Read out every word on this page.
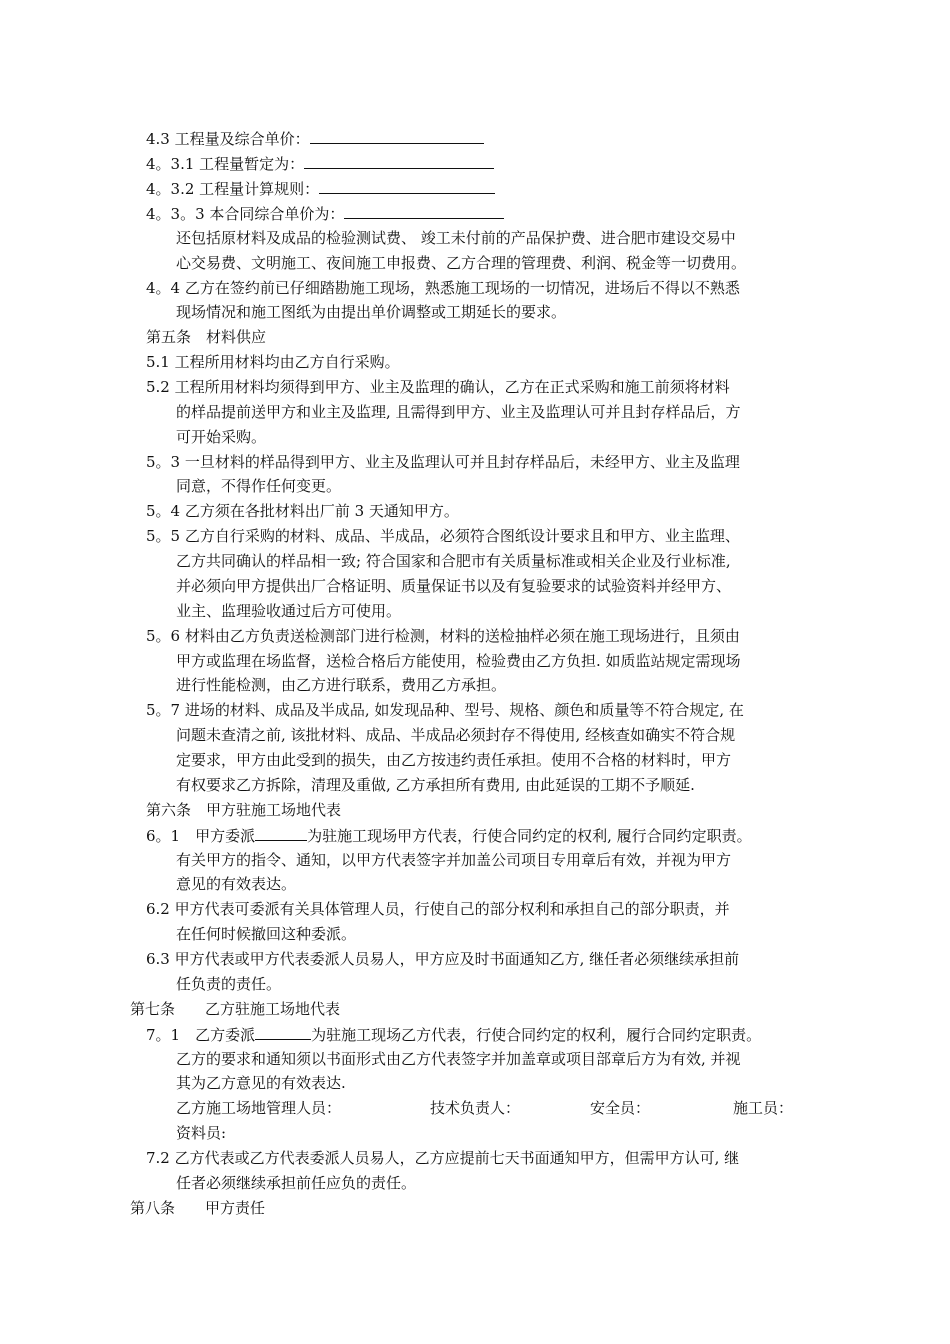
4.3 工程量及综合单价：
4。3.1 工程量暂定为：
4。3.2 工程量计算规则：
4。3。3 本合同综合单价为：
还包括原材料及成品的检验测试费、 竣工未付前的产品保护费、进合肥市建设交易中
心交易费、文明施工、夜间施工申报费、乙方合理的管理费、利润、税金等一切费用。
4。4 乙方在签约前已仔细踏勘施工现场，熟悉施工现场的一切情况，进场后不得以不熟悉
现场情况和施工图纸为由提出单价调整或工期延长的要求。
第五条　材料供应
5.1 工程所用材料均由乙方自行采购。
5.2 工程所用材料均须得到甲方、业主及监理的确认，乙方在正式采购和施工前须将材料
的样品提前送甲方和业主及监理, 且需得到甲方、业主及监理认可并且封存样品后，方
可开始采购。
5。3 一旦材料的样品得到甲方、业主及监理认可并且封存样品后，未经甲方、业主及监理
同意，不得作任何变更。
5。4 乙方须在各批材料出厂前 3 天通知甲方。
5。5 乙方自行采购的材料、成品、半成品，必须符合图纸设计要求且和甲方、业主监理、
乙方共同确认的样品相一致; 符合国家和合肥市有关质量标准或相关企业及行业标准,
并必须向甲方提供出厂合格证明、质量保证书以及有复验要求的试验资料并经甲方、
业主、监理验收通过后方可使用。
5。6 材料由乙方负责送检测部门进行检测，材料的送检抽样必须在施工现场进行，且须由
甲方或监理在场监督，送检合格后方能使用，检验费由乙方负担. 如质监站规定需现场
进行性能检测，由乙方进行联系，费用乙方承担。
5。7 进场的材料、成品及半成品, 如发现品种、型号、规格、颜色和质量等不符合规定, 在
问题未查清之前, 该批材料、成品、半成品必须封存不得使用, 经核查如确实不符合规
定要求，甲方由此受到的损失，由乙方按违约责任承担。使用不合格的材料时，甲方
有权要求乙方拆除，清理及重做, 乙方承担所有费用, 由此延误的工期不予顺延.
第六条　甲方驻施工场地代表
6。1　甲方委派	为驻施工现场甲方代表，行使合同约定的权利, 履行合同约定职责。
有关甲方的指令、通知，以甲方代表签字并加盖公司项目专用章后有效，并视为甲方
意见的有效表达。
6.2 甲方代表可委派有关具体管理人员，行使自己的部分权利和承担自己的部分职责，并
在任何时候撤回这种委派。
6.3 甲方代表或甲方代表委派人员易人，甲方应及时书面通知乙方, 继任者必须继续承担前
任负责的责任。
第七条　　乙方驻施工场地代表
7。1　乙方委派	为驻施工现场乙方代表，行使合同约定的权利，履行合同约定职责。
乙方的要求和通知须以书面形式由乙方代表签字并加盖章或项目部章后方为有效, 并视
其为乙方意见的有效表达.
乙方施工场地管理人员：	技术负责人：	安全员：	施工员：
资料员:
7.2 乙方代表或乙方代表委派人员易人，乙方应提前七天书面通知甲方，但需甲方认可, 继
任者必须继续承担前任应负的责任。
第八条　　甲方责任
